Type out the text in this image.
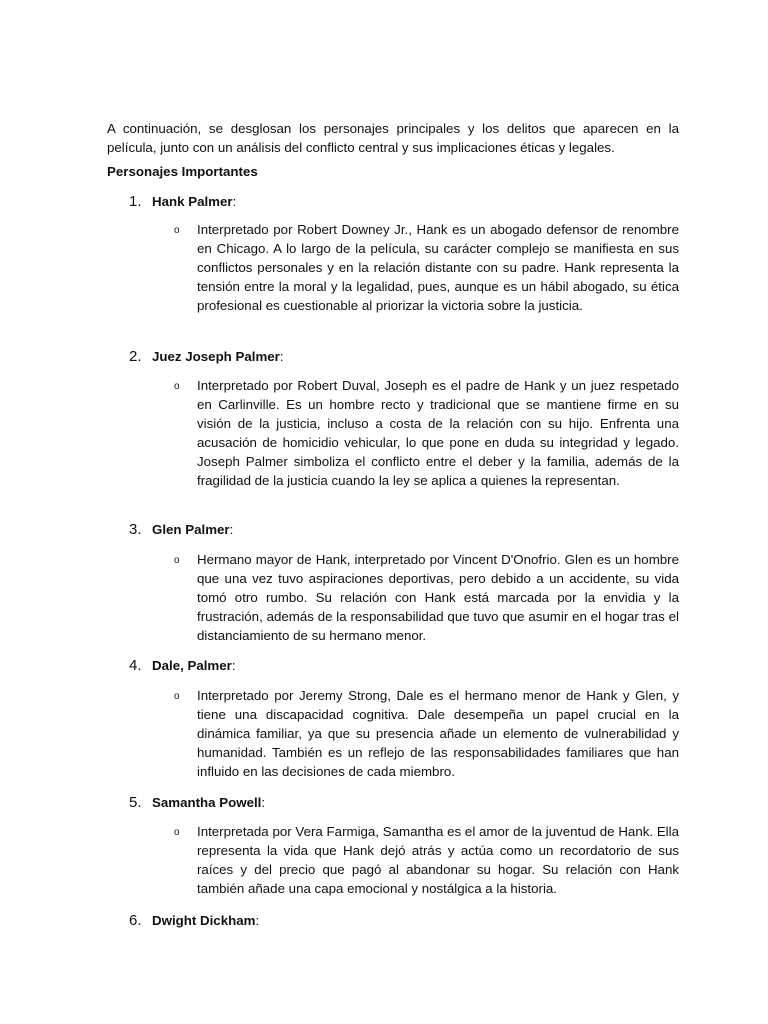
A continuación, se desglosan los personajes principales y los delitos que aparecen en la película, junto con un análisis del conflicto central y sus implicaciones éticas y legales.

Personajes Importantes

1. Hank Palmer:

o Interpretado por Robert Downey Jr., Hank es un abogado defensor de renombre en Chicago. A lo largo de la película, su carácter complejo se manifiesta en sus conflictos personales y en la relación distante con su padre. Hank representa la tensión entre la moral y la legalidad, pues, aunque es un hábil abogado, su ética profesional es cuestionable al priorizar la victoria sobre la justicia.

2. Juez Joseph Palmer:

o Interpretado por Robert Duval, Joseph es el padre de Hank y un juez respetado en Carlinville. Es un hombre recto y tradicional que se mantiene firme en su visión de la justicia, incluso a costa de la relación con su hijo. Enfrenta una acusación de homicidio vehicular, lo que pone en duda su integridad y legado. Joseph Palmer simboliza el conflicto entre el deber y la familia, además de la fragilidad de la justicia cuando la ley se aplica a quienes la representan.

3. Glen Palmer:

o Hermano mayor de Hank, interpretado por Vincent D'Onofrio. Glen es un hombre que una vez tuvo aspiraciones deportivas, pero debido a un accidente, su vida tomó otro rumbo. Su relación con Hank está marcada por la envidia y la frustración, además de la responsabilidad que tuvo que asumir en el hogar tras el distanciamiento de su hermano menor.

4. Dale, Palmer:

o Interpretado por Jeremy Strong, Dale es el hermano menor de Hank y Glen, y tiene una discapacidad cognitiva. Dale desempeña un papel crucial en la dinámica familiar, ya que su presencia añade un elemento de vulnerabilidad y humanidad. También es un reflejo de las responsabilidades familiares que han influido en las decisiones de cada miembro.

5. Samantha Powell:

o Interpretada por Vera Farmiga, Samantha es el amor de la juventud de Hank. Ella representa la vida que Hank dejó atrás y actúa como un recordatorio de sus raíces y del precio que pagó al abandonar su hogar. Su relación con Hank también añade una capa emocional y nostálgica a la historia.

6. Dwight Dickham:
